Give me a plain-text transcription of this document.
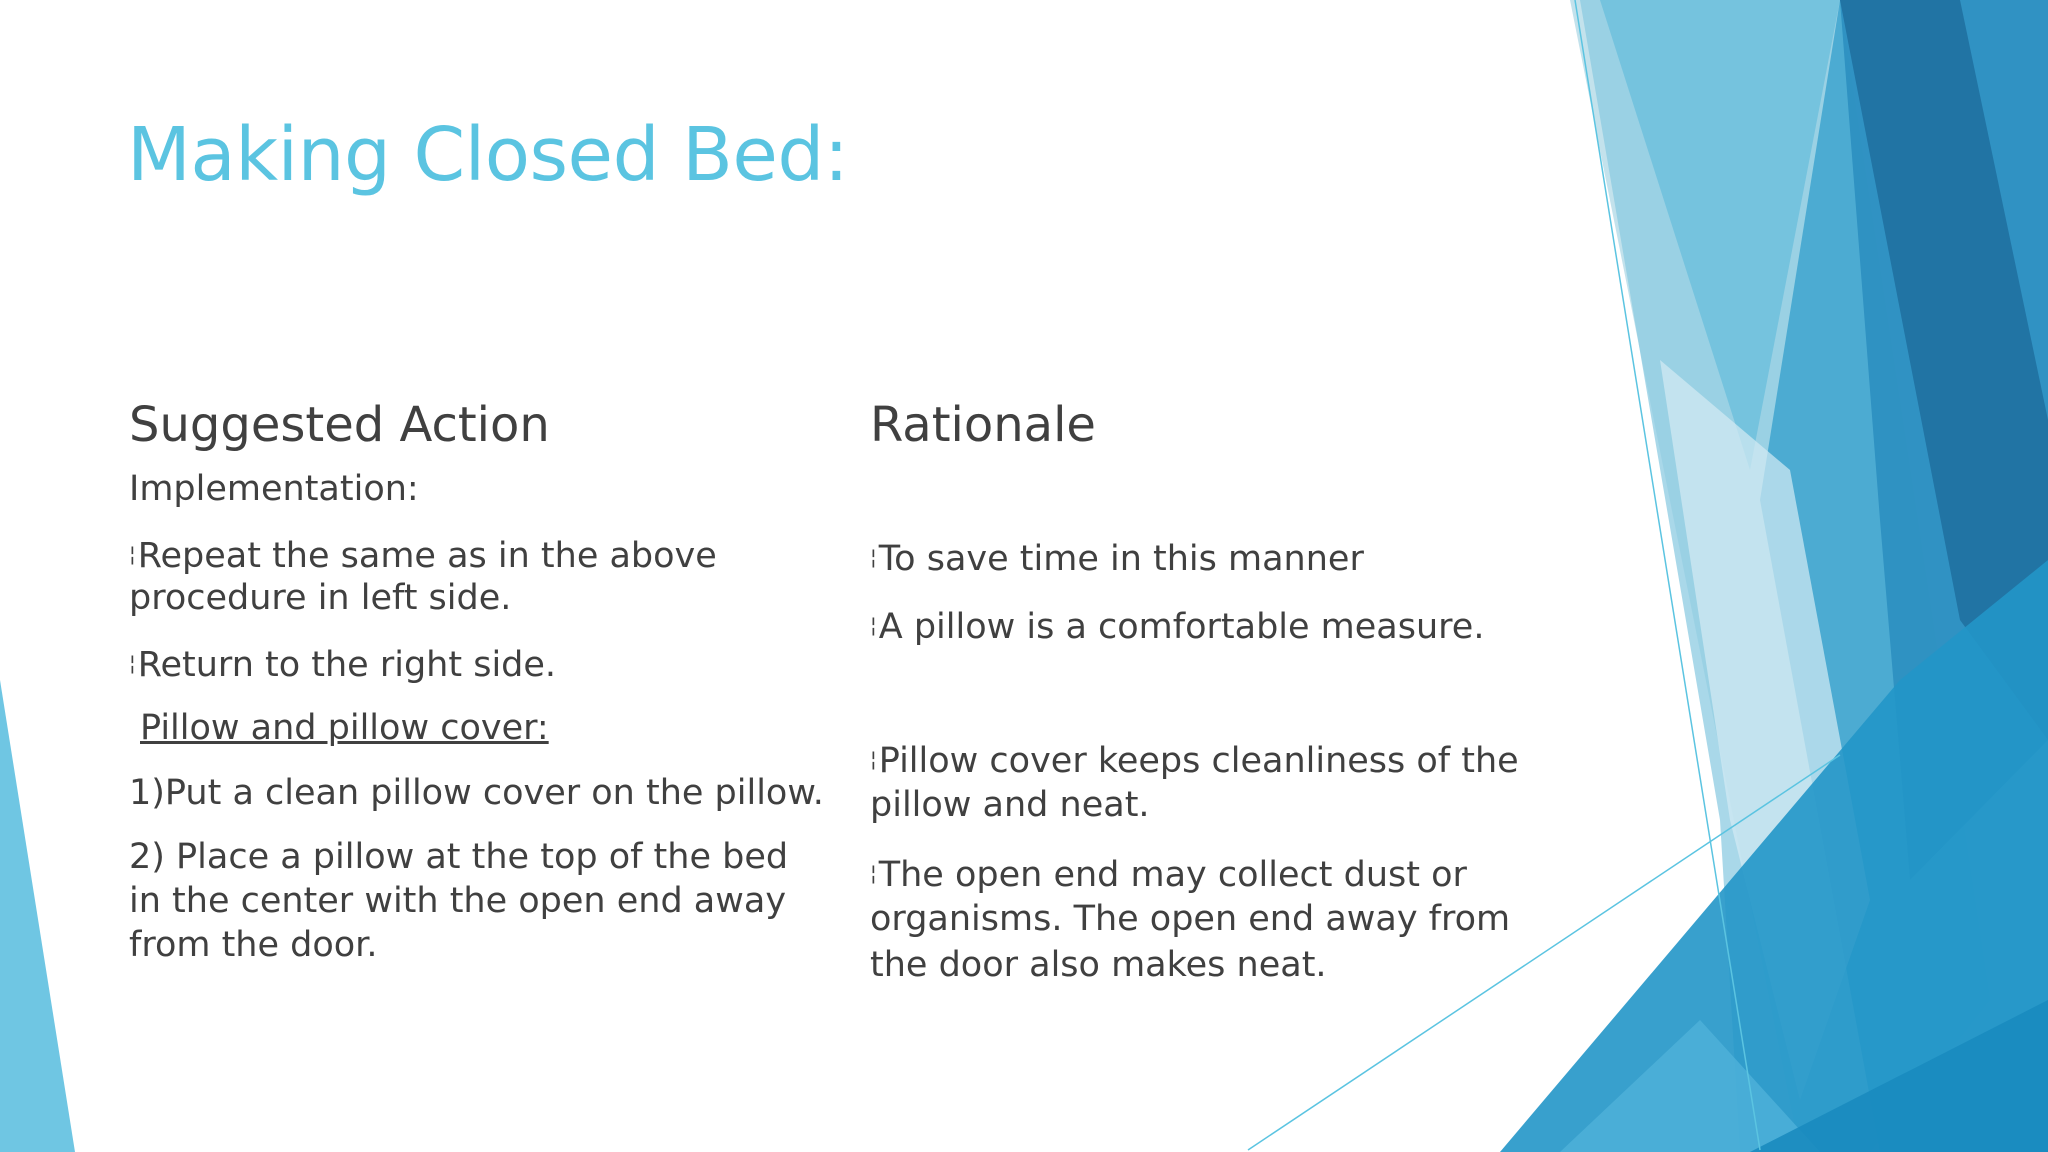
Making Closed Bed:
Suggested Action

Implementation:

¦Repeat the same as in the above

procedure in left side.

¦Return to the right side.

Pillow and pillow cover:

1)Put a clean pillow cover on the pillow.

2) Place a pillow at the top of the bed

in the center with the open end away

from the door.

Rationale

¦To save time in this manner

¦A pillow is a comfortable measure.

¦Pillow cover keeps cleanliness of the

pillow and neat.

¦The open end may collect dust or

organisms. The open end away from

the door also makes neat.
